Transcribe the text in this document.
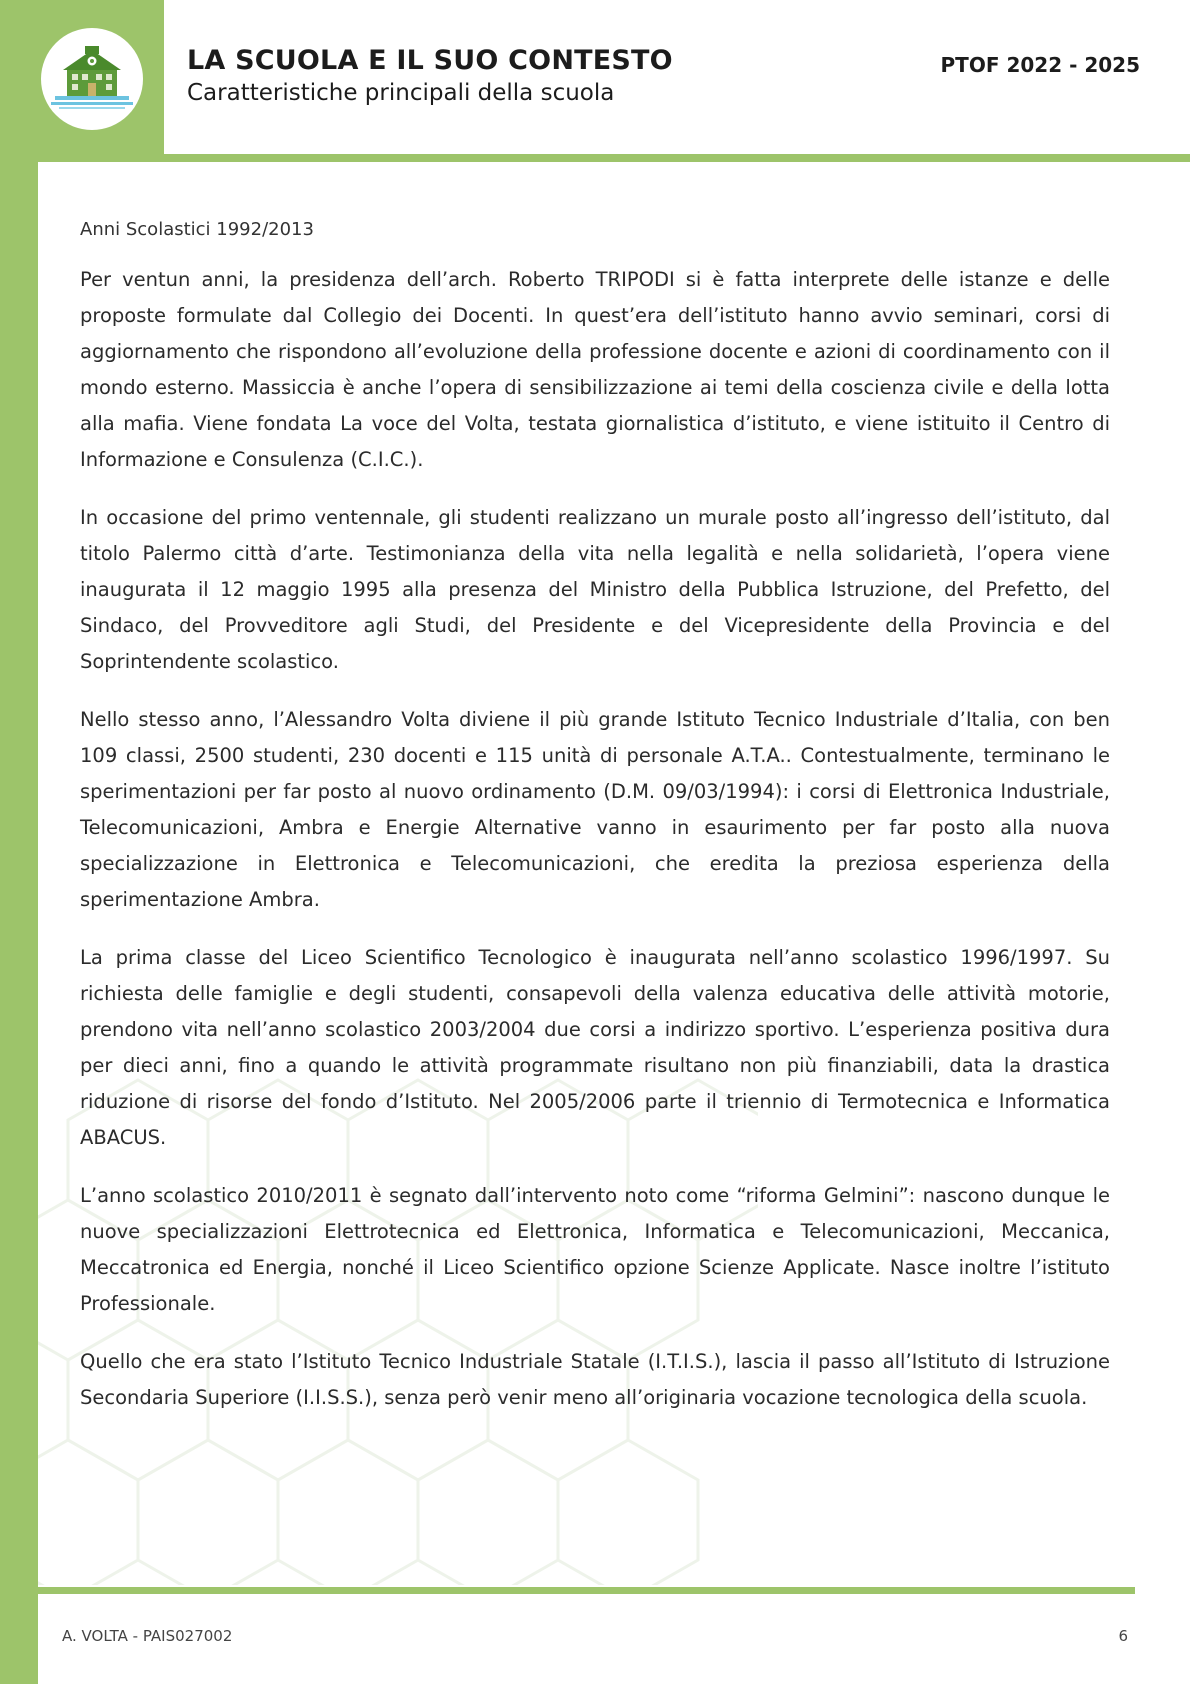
LA SCUOLA E IL SUO CONTESTO

Caratteristiche principali della scuola

PTOF 2022 - 2025

Anni Scolastici 1992/2013

Per ventun anni, la presidenza dell’arch. Roberto TRIPODI si è fatta interprete delle istanze e delle proposte formulate dal Collegio dei Docenti. In quest’era dell’istituto hanno avvio seminari, corsi di aggiornamento che rispondono all’evoluzione della professione docente e azioni di coordinamento con il mondo esterno. Massiccia è anche l’opera di sensibilizzazione ai temi della coscienza civile e della lotta alla mafia. Viene fondata La voce del Volta, testata giornalistica d’istituto, e viene istituito il Centro di Informazione e Consulenza (C.I.C.).

In occasione del primo ventennale, gli studenti realizzano un murale posto all’ingresso dell’istituto, dal titolo Palermo città d’arte. Testimonianza della vita nella legalità e nella solidarietà, l’opera viene inaugurata il 12 maggio 1995 alla presenza del Ministro della Pubblica Istruzione, del Prefetto, del Sindaco, del Provveditore agli Studi, del Presidente e del Vicepresidente della Provincia e del Soprintendente scolastico.

Nello stesso anno, l’Alessandro Volta diviene il più grande Istituto Tecnico Industriale d’Italia, con ben 109 classi, 2500 studenti, 230 docenti e 115 unità di personale A.T.A.. Contestualmente, terminano le sperimentazioni per far posto al nuovo ordinamento (D.M. 09/03/1994): i corsi di Elettronica Industriale, Telecomunicazioni, Ambra e Energie Alternative vanno in esaurimento per far posto alla nuova specializzazione in Elettronica e Telecomunicazioni, che eredita la preziosa esperienza della sperimentazione Ambra.

La prima classe del Liceo Scientifico Tecnologico è inaugurata nell’anno scolastico 1996/1997. Su richiesta delle famiglie e degli studenti, consapevoli della valenza educativa delle attività motorie, prendono vita nell’anno scolastico 2003/2004 due corsi a indirizzo sportivo. L’esperienza positiva dura per dieci anni, fino a quando le attività programmate risultano non più finanziabili, data la drastica riduzione di risorse del fondo d’Istituto. Nel 2005/2006 parte il triennio di Termotecnica e Informatica ABACUS.

L’anno scolastico 2010/2011 è segnato dall’intervento noto come “riforma Gelmini”: nascono dunque le nuove specializzazioni Elettrotecnica ed Elettronica, Informatica e Telecomunicazioni, Meccanica, Meccatronica ed Energia, nonché il Liceo Scientifico opzione Scienze Applicate. Nasce inoltre l’istituto Professionale.

Quello che era stato l’Istituto Tecnico Industriale Statale (I.T.I.S.), lascia il passo all’Istituto di Istruzione Secondaria Superiore (I.I.S.S.), senza però venir meno all’originaria vocazione tecnologica della scuola.

A. VOLTA - PAIS027002	6
